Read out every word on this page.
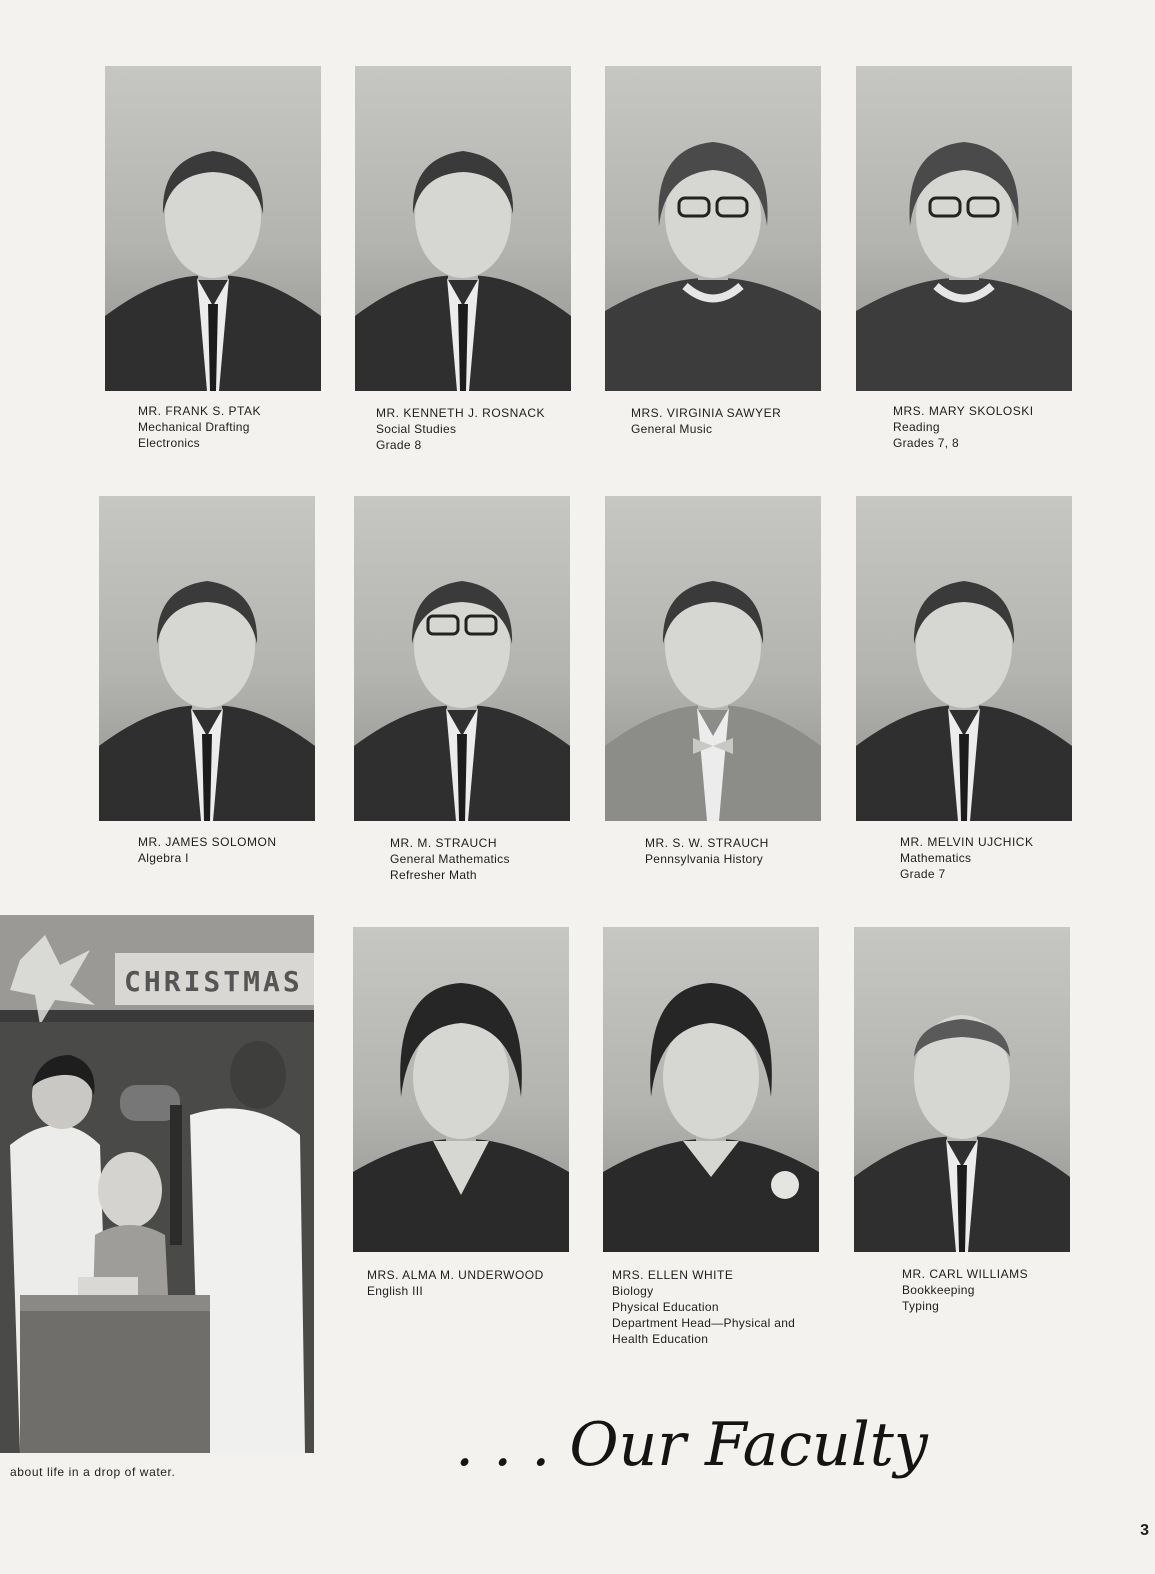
MR. FRANK S. PTAK
Mechanical Drafting
Electronics
MR. KENNETH J. ROSNACK
Social Studies
Grade 8
MRS. VIRGINIA SAWYER
General Music
MRS. MARY SKOLOSKI
Reading
Grades 7, 8
MR. JAMES SOLOMON
Algebra I
MR. M. STRAUCH
General Mathematics
Refresher Math
MR. S. W. STRAUCH
Pennsylvania History
MR. MELVIN UJCHICK
Mathematics
Grade 7
CHRISTMAS
MRS. ALMA M. UNDERWOOD
English III
MRS. ELLEN WHITE
Biology
Physical Education
Department Head—Physical and
Health Education
MR. CARL WILLIAMS
Bookkeeping
Typing
about life in a drop of water.	. . . Our Faculty
3
